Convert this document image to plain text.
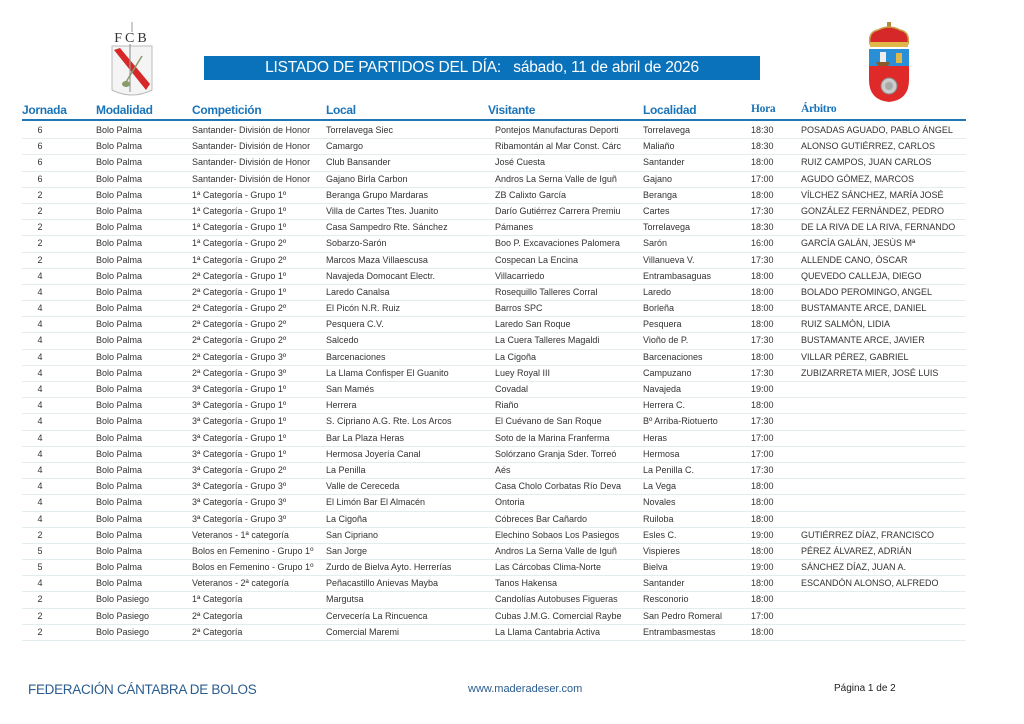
FCB
LISTADO DE PARTIDOS DEL DÍA:
sábado, 11 de abril de 2026
Jornada Modalidad	Competición	Local	Visitante	Localidad	Hora Árbitro
6	Bolo Palma	Santander- División de Honor	Torrelavega Siec	Pontejos Manufacturas Deporti	Torrelavega	18:30	POSADAS AGUADO, PABLO ÁNGEL
6	Bolo Palma	Santander- División de Honor	Camargo	Ribamontán al Mar Const. Cárc	Maliaño	18:30	ALONSO GUTIÉRREZ, CARLOS
6	Bolo Palma	Santander- División de Honor	Club Bansander	José Cuesta	Santander	18:00	RUIZ CAMPOS, JUAN CARLOS
6	Bolo Palma	Santander- División de Honor	Gajano Birla Carbon	Andros La Serna Valle de Iguñ	Gajano	17:00	AGUDO GÓMEZ, MARCOS
2	Bolo Palma	1ª Categoría - Grupo 1º	Beranga Grupo Mardaras	ZB Calixto García	Beranga	18:00	VÍLCHEZ SÁNCHEZ, MARÍA JOSÉ
2	Bolo Palma	1ª Categoría - Grupo 1º	Villa de Cartes Ttes. Juanito	Darío Gutiérrez Carrera Premiu	Cartes	17:30	GONZÁLEZ FERNÁNDEZ, PEDRO
2	Bolo Palma	1ª Categoría - Grupo 1º	Casa Sampedro Rte. Sánchez	Pámanes	Torrelavega	18:30	DE LA RIVA DE LA RIVA, FERNANDO
2	Bolo Palma	1ª Categoría - Grupo 2º	Sobarzo-Sarón	Boo P. Excavaciones Palomera	Sarón	16:00	GARCÍA GALÁN, JESÚS Mª
2	Bolo Palma	1ª Categoría - Grupo 2º	Marcos Maza Villaescusa	Cospecan La Encina	Villanueva V.	17:30	ALLENDE CANO, ÓSCAR
4	Bolo Palma	2ª Categoría - Grupo 1º	Navajeda Domocant Electr.	Villacarriedo	Entrambasaguas	18:00	QUEVEDO CALLEJA, DIEGO
4	Bolo Palma	2ª Categoría - Grupo 1º	Laredo Canalsa	Rosequillo Talleres Corral	Laredo	18:00	BOLADO PEROMINGO, ANGEL
4	Bolo Palma	2ª Categoría - Grupo 2º	El Picón N.R. Ruiz	Barros SPC	Borleña	18:00	BUSTAMANTE ARCE, DANIEL
4	Bolo Palma	2ª Categoría - Grupo 2º	Pesquera C.V.	Laredo San Roque	Pesquera	18:00	RUIZ SALMÓN, LIDIA
4	Bolo Palma	2ª Categoría - Grupo 2º	Salcedo	La Cuera Talleres Magaldi	Vioño de P.	17:30	BUSTAMANTE ARCE, JAVIER
4	Bolo Palma	2ª Categoría - Grupo 3º	Barcenaciones	La Cigoña	Barcenaciones	18:00	VILLAR PÉREZ, GABRIEL
4	Bolo Palma	2ª Categoría - Grupo 3º	La Llama Confisper El Guanito	Luey Royal III	Campuzano	17:30	ZUBIZARRETA MIER, JOSÉ LUIS
4	Bolo Palma	3ª Categoría - Grupo 1º	San Mamés	Covadal	Navajeda	19:00
4	Bolo Palma	3ª Categoría - Grupo 1º	Herrera	Riaño	Herrera C.	18:00
4	Bolo Palma	3ª Categoría - Grupo 1º	S. Cipriano A.G. Rte. Los Arcos	El Cuévano de San Roque	Bº Arriba-Riotuerto	17:30
4	Bolo Palma	3ª Categoría - Grupo 1º	Bar La Plaza Heras	Soto de la Marina Franferma	Heras	17:00
4	Bolo Palma	3ª Categoría - Grupo 1º	Hermosa Joyería Canal	Solórzano Granja Sder. Torreó	Hermosa	17:00
4	Bolo Palma	3ª Categoría - Grupo 2º	La Penilla	Aés	La Penilla C.	17:30
4	Bolo Palma	3ª Categoría - Grupo 3º	Valle de Cereceda	Casa Cholo Corbatas Río Deva	La Vega	18:00
4	Bolo Palma	3ª Categoría - Grupo 3º	El Limón Bar El Almacén	Ontoria	Novales	18:00
4	Bolo Palma	3ª Categoría - Grupo 3º	La Cigoña	Cóbreces Bar Cañardo	Ruiloba	18:00
2	Bolo Palma	Veteranos - 1ª categoría	San Cipriano	Elechino Sobaos Los Pasiegos	Esles C.	19:00	GUTIÉRREZ DÍAZ, FRANCISCO
5	Bolo Palma	Bolos en Femenino - Grupo 1º	San Jorge	Andros La Serna Valle de Iguñ	Vispieres	18:00	PÉREZ ÁLVAREZ, ADRIÁN
5	Bolo Palma	Bolos en Femenino - Grupo 1º	Zurdo de Bielva Ayto. Herrerías	Las Cárcobas Clima-Norte	Bielva	19:00	SÁNCHEZ DÍAZ, JUAN A.
4	Bolo Palma	Veteranos - 2ª categoría	Peñacastillo Anievas Mayba	Tanos Hakensa	Santander	18:00	ESCANDÓN ALONSO, ALFREDO
2	Bolo Pasiego	1ª Categoría	Margutsa	Candolías Autobuses Figueras	Resconorio	18:00
2	Bolo Pasiego	2ª Categoría	Cervecería La Rincuenca	Cubas J.M.G. Comercial Raybe	San Pedro Romeral	17:00
2	Bolo Pasiego	2ª Categoría	Comercial Maremi	La Llama Cantabria Activa	Entrambasmestas	18:00
FEDERACIÓN CÁNTABRA DE BOLOS	www.maderadeser.com	Página 1 de 2
